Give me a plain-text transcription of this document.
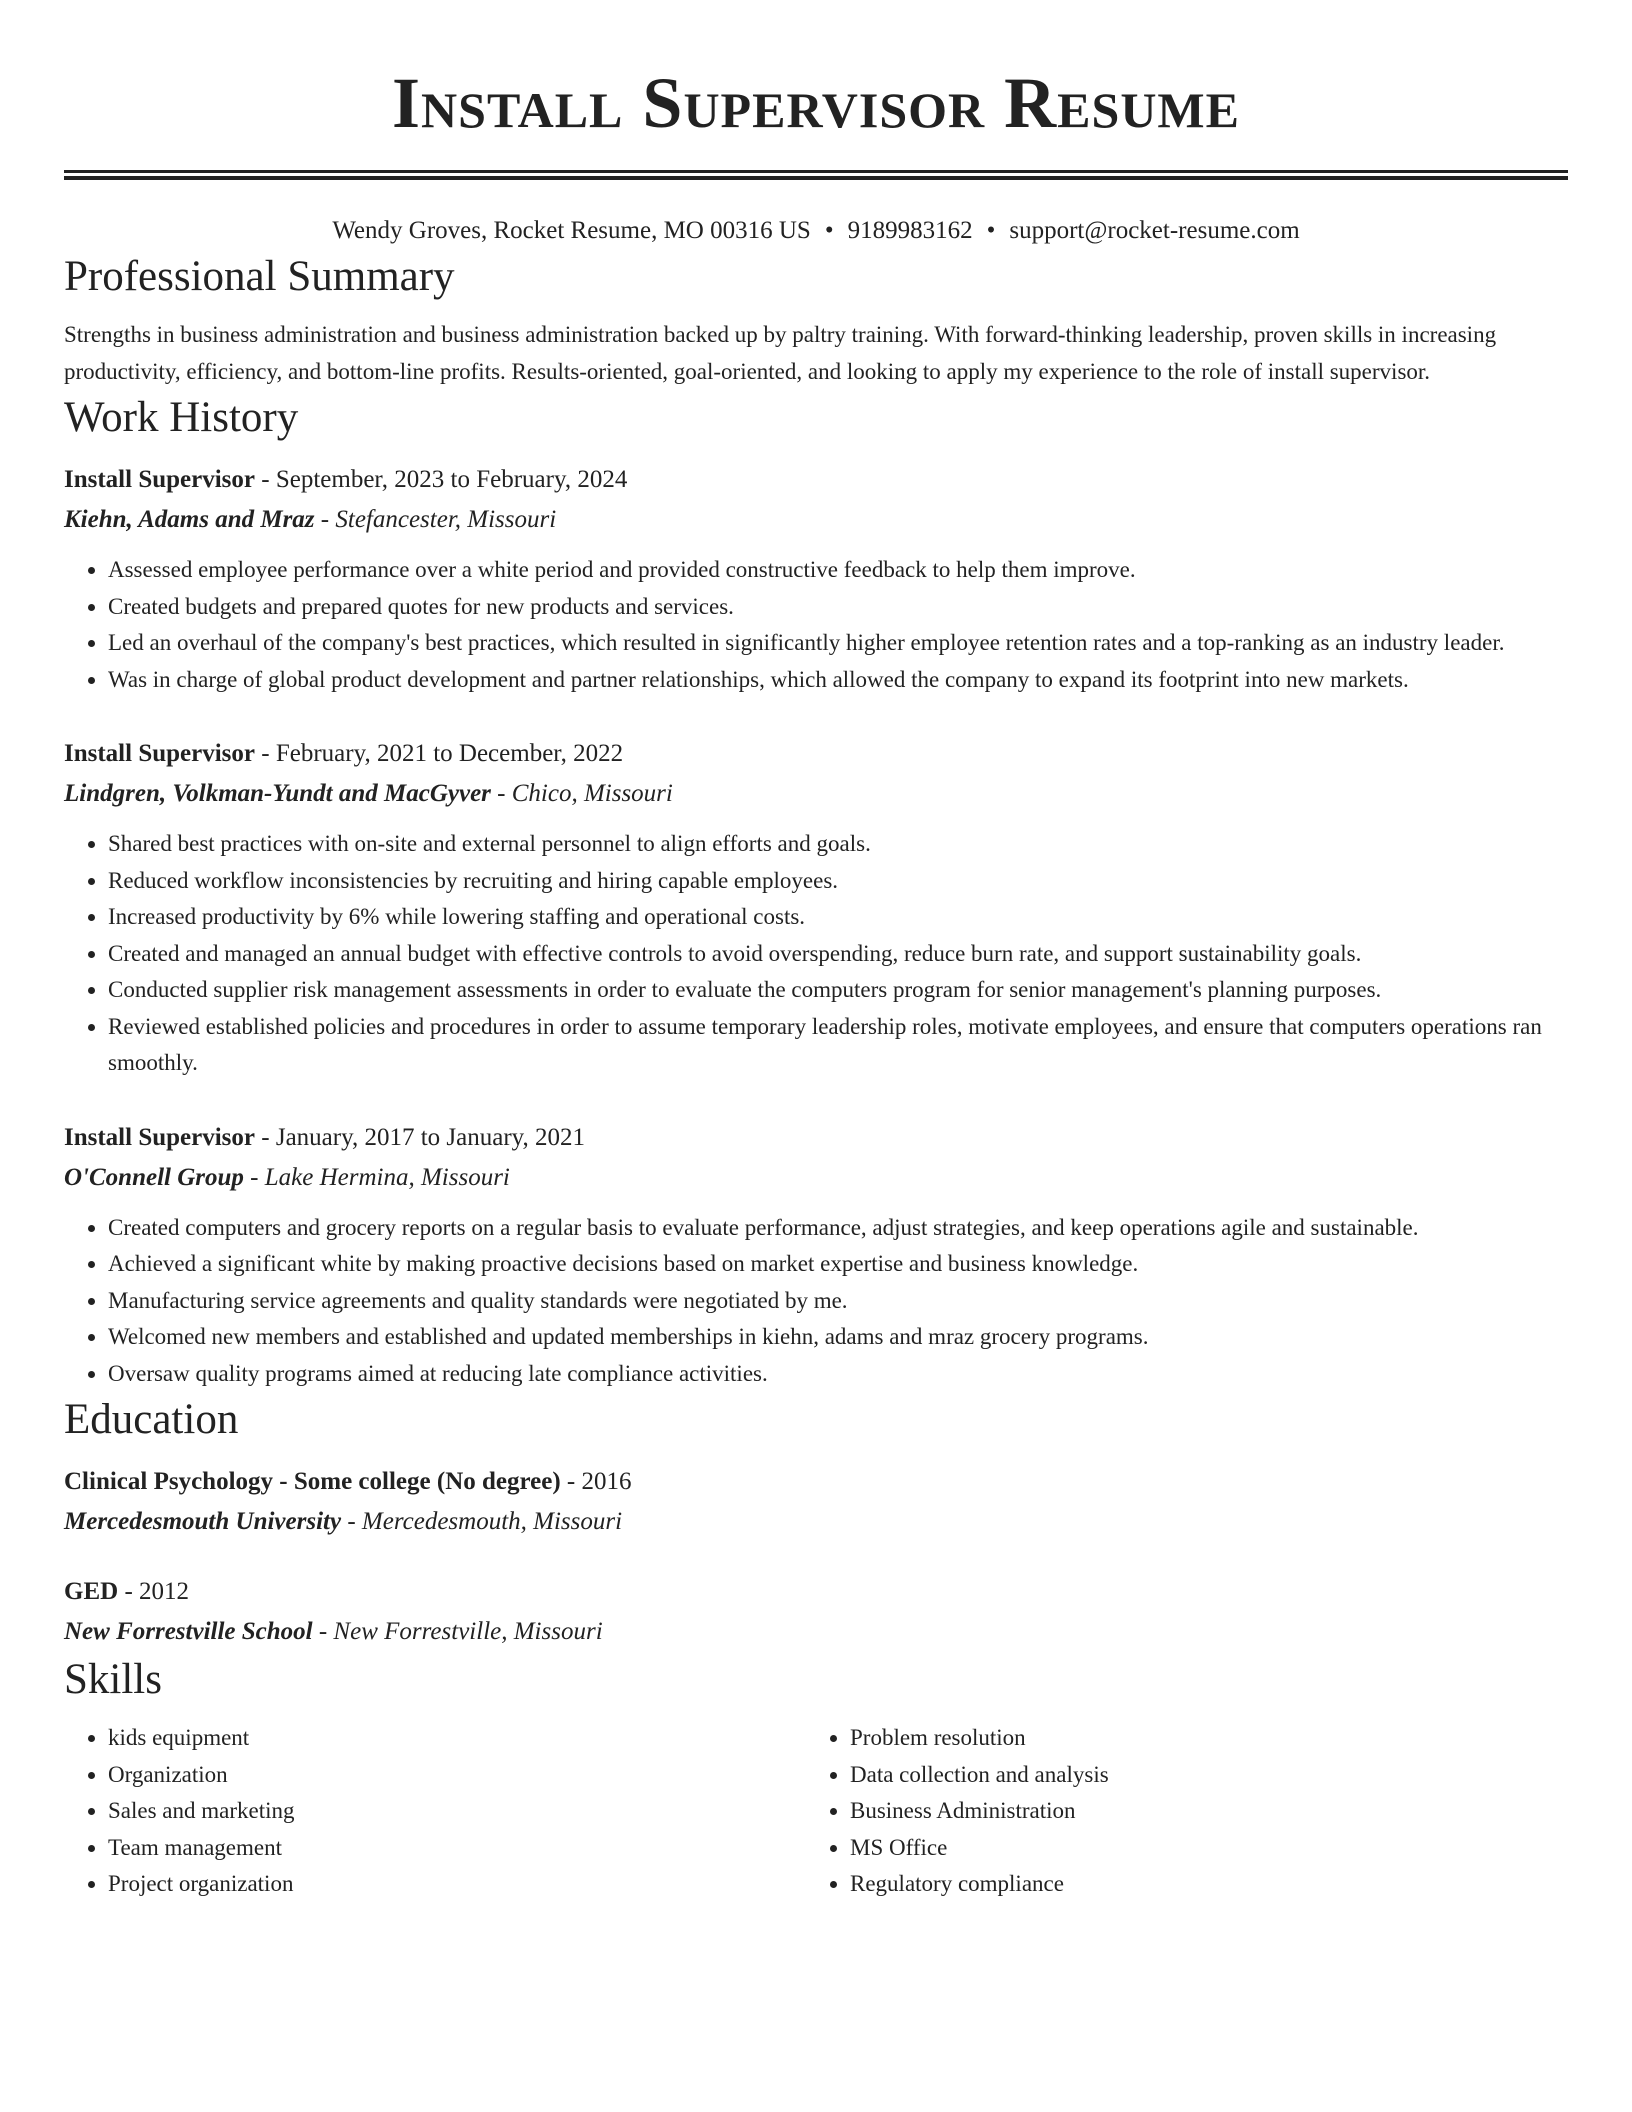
Install Supervisor Resume
Wendy Groves, Rocket Resume, MO 00316 US • 9189983162 • support@rocket-resume.com
Professional Summary

Strengths in business administration and business administration backed up by paltry training. With forward-thinking leadership, proven skills in increasing productivity, efficiency, and bottom-line profits. Results-oriented, goal-oriented, and looking to apply my experience to the role of install supervisor.

Work History
Install Supervisor - September, 2023 to February, 2024
Kiehn, Adams and Mraz - Stefancester, Missouri
• Assessed employee performance over a white period and provided constructive feedback to help them improve.
• Created budgets and prepared quotes for new products and services.
• Led an overhaul of the company's best practices, which resulted in significantly higher employee retention rates and a top-ranking as an industry leader.
• Was in charge of global product development and partner relationships, which allowed the company to expand its footprint into new markets.
Install Supervisor - February, 2021 to December, 2022
Lindgren, Volkman-Yundt and MacGyver - Chico, Missouri
• Shared best practices with on-site and external personnel to align efforts and goals.
• Reduced workflow inconsistencies by recruiting and hiring capable employees.
• Increased productivity by 6% while lowering staffing and operational costs.
• Created and managed an annual budget with effective controls to avoid overspending, reduce burn rate, and support sustainability goals.
• Conducted supplier risk management assessments in order to evaluate the computers program for senior management's planning purposes.
• Reviewed established policies and procedures in order to assume temporary leadership roles, motivate employees, and ensure that computers operations ran smoothly.
Install Supervisor - January, 2017 to January, 2021
O'Connell Group - Lake Hermina, Missouri
• Created computers and grocery reports on a regular basis to evaluate performance, adjust strategies, and keep operations agile and sustainable.
• Achieved a significant white by making proactive decisions based on market expertise and business knowledge.
• Manufacturing service agreements and quality standards were negotiated by me.
• Welcomed new members and established and updated memberships in kiehn, adams and mraz grocery programs.
• Oversaw quality programs aimed at reducing late compliance activities.
Education
Clinical Psychology - Some college (No degree) - 2016
Mercedesmouth University - Mercedesmouth, Missouri
GED - 2012
New Forrestville School - New Forrestville, Missouri
Skills
• kids equipment
• Organization
• Sales and marketing
• Team management
• Project organization
• Problem resolution
• Data collection and analysis
• Business Administration
• MS Office
• Regulatory compliance
